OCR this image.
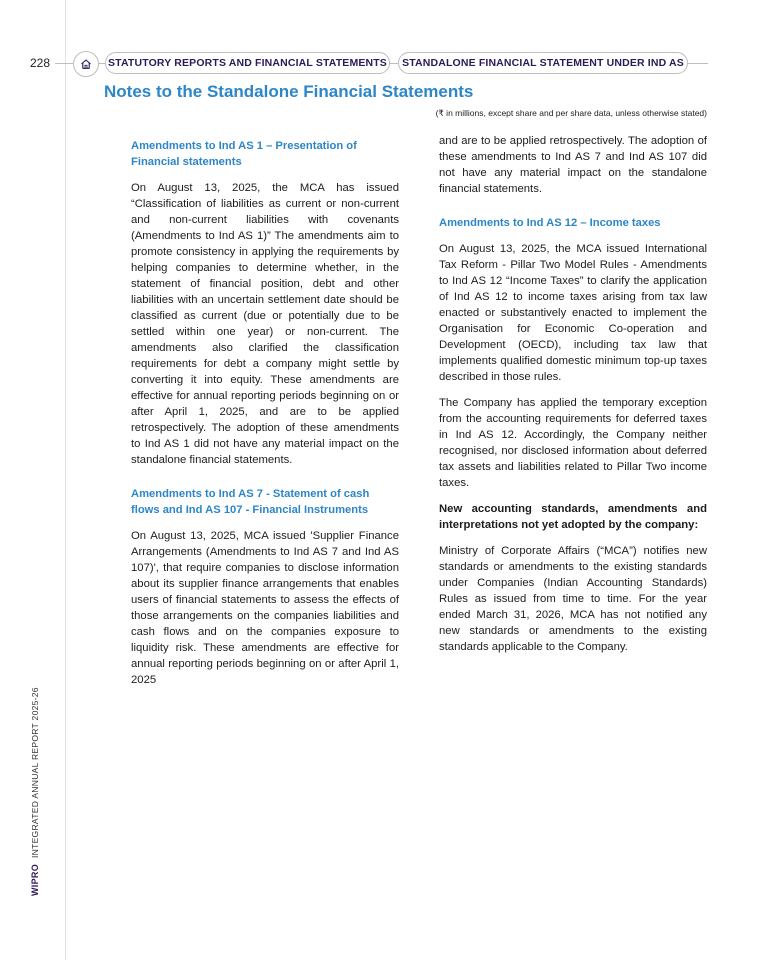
228	STATUTORY REPORTS AND FINANCIAL STATEMENTS	STANDALONE FINANCIAL STATEMENT UNDER IND AS
Notes to the Standalone Financial Statements
(₹ in millions, except share and per share data, unless otherwise stated)
Amendments to Ind AS 1 – Presentation of Financial statements

On August 13, 2025, the MCA has issued “Classification of liabilities as current or non-current and non-current liabilities with covenants (Amendments to Ind AS 1)” The amendments aim to promote consistency in applying the requirements by helping companies to determine whether, in the statement of financial position, debt and other liabilities with an uncertain settlement date should be classified as current (due or potentially due to be settled within one year) or non-current. The amendments also clarified the classification requirements for debt a company might settle by converting it into equity. These amendments are effective for annual reporting periods beginning on or after April 1, 2025, and are to be applied retrospectively. The adoption of these amendments to Ind AS 1 did not have any material impact on the standalone financial statements.

Amendments to Ind AS 7 - Statement of cash flows and Ind AS 107 - Financial Instruments

On August 13, 2025, MCA issued 'Supplier Finance Arrangements (Amendments to Ind AS 7 and Ind AS 107)', that require companies to disclose information about its supplier finance arrangements that enables users of financial statements to assess the effects of those arrangements on the companies liabilities and cash flows and on the companies exposure to liquidity risk. These amendments are effective for annual reporting periods beginning on or after April 1, 2025

and are to be applied retrospectively. The adoption of these amendments to Ind AS 7 and Ind AS 107 did not have any material impact on the standalone financial statements.

Amendments to Ind AS 12 – Income taxes

On August 13, 2025, the MCA issued International Tax Reform - Pillar Two Model Rules - Amendments to Ind AS 12 “Income Taxes” to clarify the application of Ind AS 12 to income taxes arising from tax law enacted or substantively enacted to implement the Organisation for Economic Co-operation and Development (OECD), including tax law that implements qualified domestic minimum top-up taxes described in those rules.

The Company has applied the temporary exception from the accounting requirements for deferred taxes in Ind AS 12. Accordingly, the Company neither recognised, nor disclosed information about deferred tax assets and liabilities related to Pillar Two income taxes.

New accounting standards, amendments and interpretations not yet adopted by the company:

Ministry of Corporate Affairs (“MCA”) notifies new standards or amendments to the existing standards under Companies (Indian Accounting Standards) Rules as issued from time to time. For the year ended March 31, 2026, MCA has not notified any new standards or amendments to the existing standards applicable to the Company.

WIPROINTEGRATED ANNUAL REPORT 2025-26
